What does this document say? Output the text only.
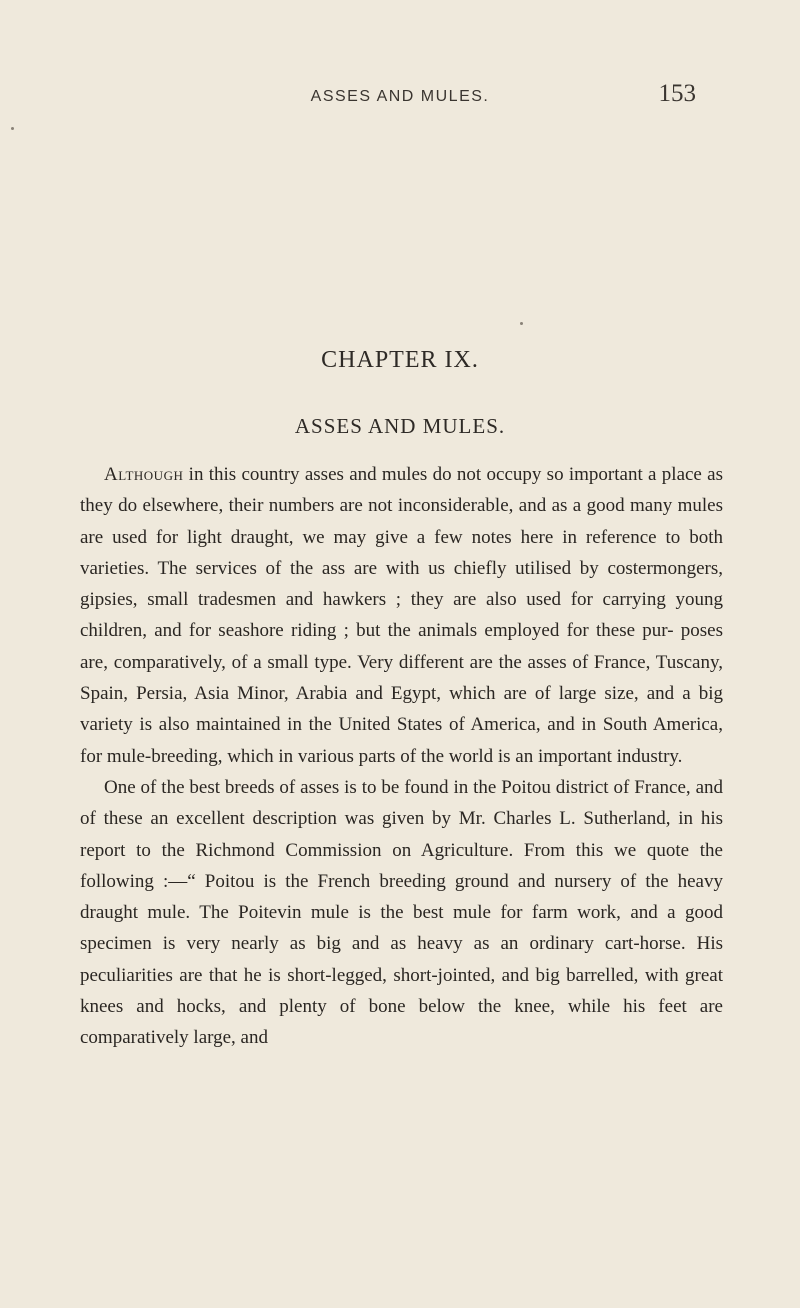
ASSES AND MULES.	153
CHAPTER IX.
ASSES AND MULES.

Although in this country asses and mules do not occupy so important a place as they do elsewhere, their numbers are not inconsiderable, and as a good many mules are used for light draught, we may give a few notes here in reference to both varieties. The services of the ass are with us chiefly utilised by costermongers, gipsies, small tradesmen and hawkers ; they are also used for carrying young children, and for seashore riding ; but the animals employed for these pur- poses are, comparatively, of a small type. Very different are the asses of France, Tuscany, Spain, Persia, Asia Minor, Arabia and Egypt, which are of large size, and a big variety is also maintained in the United States of America, and in South America, for mule-breeding, which in various parts of the world is an important industry.

One of the best breeds of asses is to be found in the Poitou district of France, and of these an excellent description was given by Mr. Charles L. Sutherland, in his report to the Richmond Commission on Agriculture. From this we quote the following :—“ Poitou is the French breeding ground and nursery of the heavy draught mule. The Poitevin mule is the best mule for farm work, and a good specimen is very nearly as big and as heavy as an ordinary cart-horse. His peculiarities are that he is short-legged, short-jointed, and big barrelled, with great knees and hocks, and plenty of bone below the knee, while his feet are comparatively large, and
